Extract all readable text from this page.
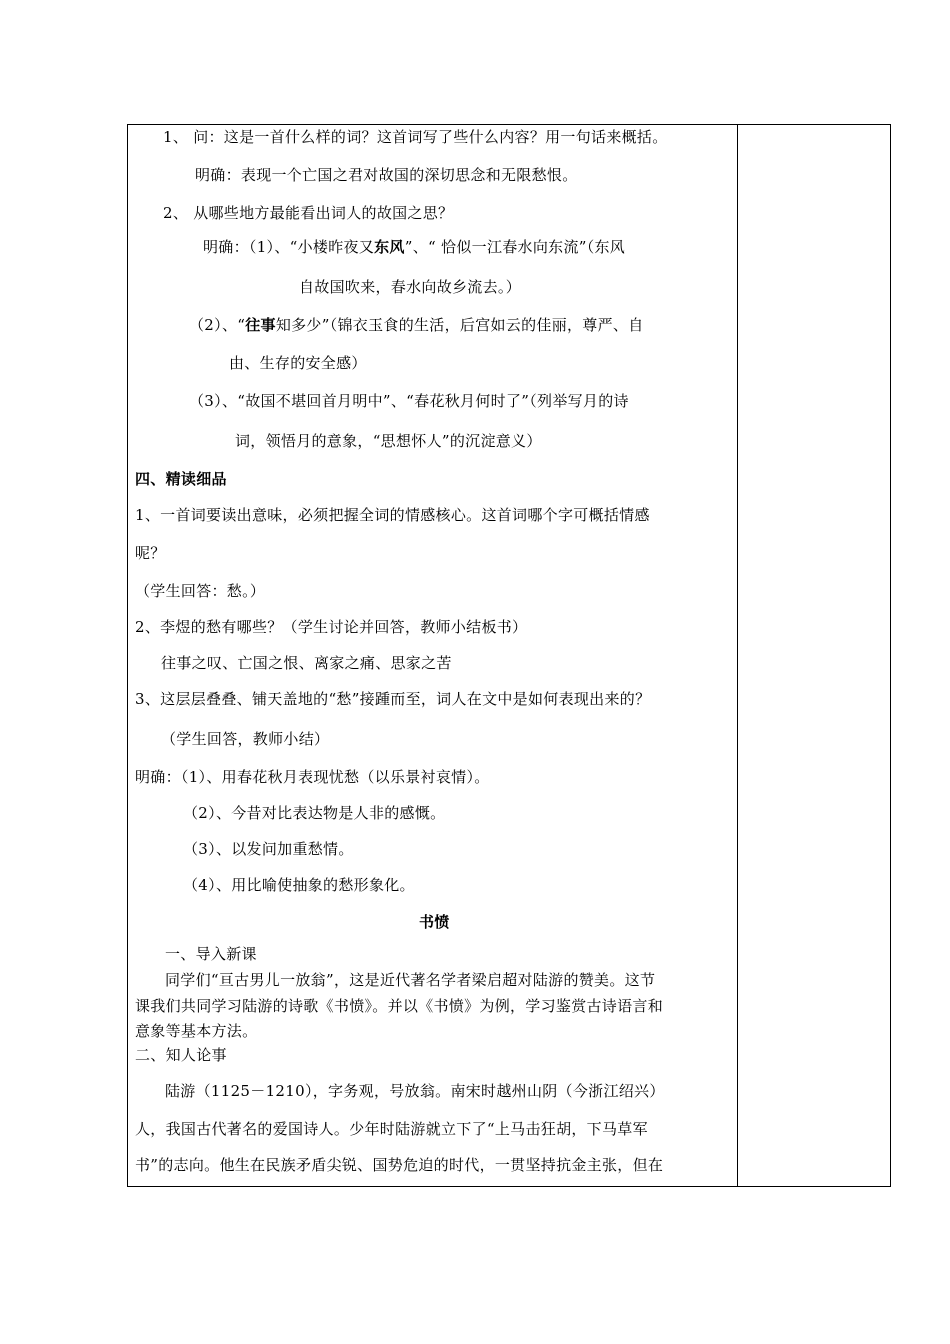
1、 问：这是一首什么样的词？这首词写了些什么内容？用一句话来概括。
明确：表现一个亡国之君对故国的深切思念和无限愁恨。
2、 从哪些地方最能看出词人的故国之思？
明确：（1）、“小楼昨夜又东风”、“ 恰似一江春水向东流”（东风
自故国吹来，春水向故乡流去。）
（2）、“往事知多少”（锦衣玉食的生活，后宫如云的佳丽，尊严、自
由、生存的安全感）
（3）、“故国不堪回首月明中”、“春花秋月何时了”（列举写月的诗
词，领悟月的意象，“思想怀人”的沉淀意义）
四、精读细品
1、一首词要读出意味，必须把握全词的情感核心。这首词哪个字可概括情感
呢？
（学生回答：愁。）
2、李煜的愁有哪些？（学生讨论并回答，教师小结板书）
往事之叹、亡国之恨、离家之痛、思家之苦
3、这层层叠叠、铺天盖地的“愁”接踵而至，词人在文中是如何表现出来的？
（学生回答，教师小结）
明确：（1）、用春花秋月表现忧愁（以乐景衬哀情）。
（2）、今昔对比表达物是人非的感慨。
（3）、以发问加重愁情。
（4）、用比喻使抽象的愁形象化。
书愤
一、导入新课
同学们“亘古男儿一放翁”，这是近代著名学者梁启超对陆游的赞美。这节
课我们共同学习陆游的诗歌《书愤》。并以《书愤》为例，学习鉴赏古诗语言和
意象等基本方法。
二、知人论事
陆游（1125－1210），字务观，号放翁。南宋时越州山阴（今浙江绍兴）
人，我国古代著名的爱国诗人。少年时陆游就立下了“上马击狂胡，下马草军
书”的志向。他生在民族矛盾尖锐、国势危迫的时代，一贯坚持抗金主张，但在
